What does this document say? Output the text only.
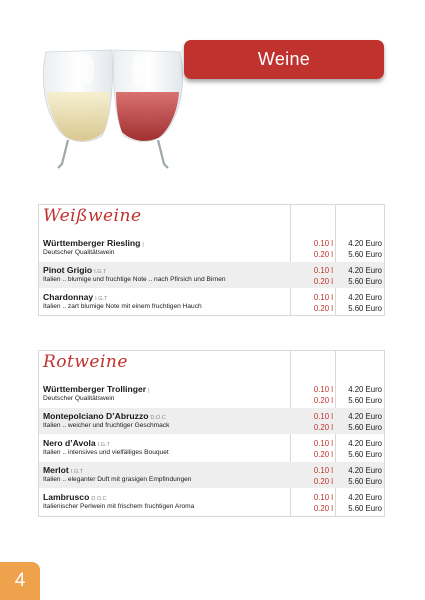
Weine
Weißweine
Württemberger Riesling |
Deutscher Qualitätswein
0.10 l
0.20 l
4.20 Euro
5.60 Euro
Pinot Grigio I.G.T
Italien .. blumige und fruchtige Note .. nach Pfirsich und Birnen
0.10 l
0.20 l
4.20 Euro
5.60 Euro
Chardonnay I.G.T
Italien .. zart blumige Note mit einem fruchtigen Hauch
0.10 l
0.20 l
4.20 Euro
5.60 Euro
Rotweine
Württemberger Trollinger |
Deutscher Qualitätswein
0.10 l
0.20 l
4.20 Euro
5.60 Euro
Montepolciano D’Abruzzo D.O.C
Italien .. weicher und fruchtiger Geschmack
0.10 l
0.20 l
4.20 Euro
5.60 Euro
Nero d’Avola I.G.T
Italien .. intensives und vielfälliges Bouquet
0.10 l
0.20 l
4.20 Euro
5.60 Euro
Merlot I.G.T
Italien .. eleganter Duft mit grasigen Empfindungen
0.10 l
0.20 l
4.20 Euro
5.60 Euro
Lambrusco D.O.C
Italienischer Perlwein mit frischem fruchtigen Aroma
0.10 l
0.20 l
4.20 Euro
5.60 Euro
4
